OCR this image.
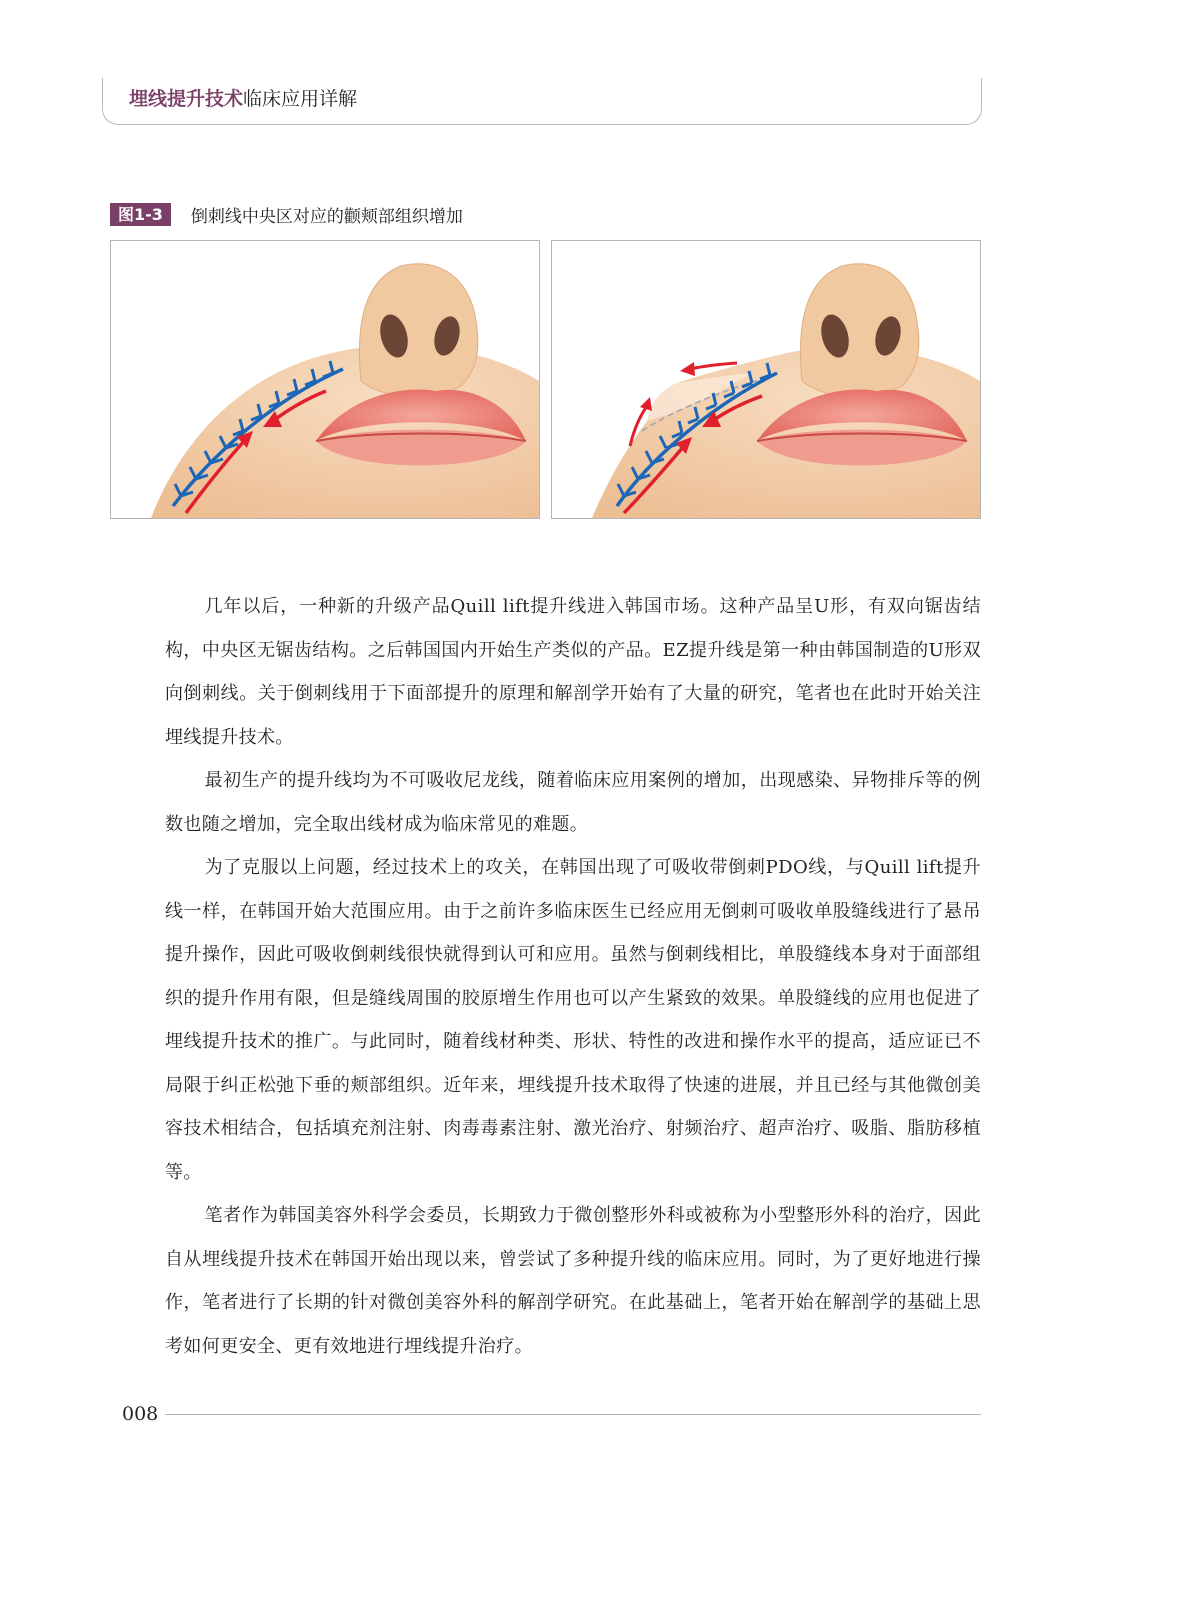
埋线提升技术临床应用详解
图1-3	倒刺线中央区对应的颧颊部组织增加

几年以后，一种新的升级产品Quill lift提升线进入韩国市场。这种产品呈U形，有双向锯齿结构，中央区无锯齿结构。之后韩国国内开始生产类似的产品。EZ提升线是第一种由韩国制造的U形双向倒刺线。关于倒刺线用于下面部提升的原理和解剖学开始有了大量的研究，笔者也在此时开始关注埋线提升技术。

最初生产的提升线均为不可吸收尼龙线，随着临床应用案例的增加，出现感染、异物排斥等的例数也随之增加，完全取出线材成为临床常见的难题。

为了克服以上问题，经过技术上的攻关，在韩国出现了可吸收带倒刺PDO线，与Quill lift提升线一样，在韩国开始大范围应用。由于之前许多临床医生已经应用无倒刺可吸收单股缝线进行了悬吊提升操作，因此可吸收倒刺线很快就得到认可和应用。虽然与倒刺线相比，单股缝线本身对于面部组织的提升作用有限，但是缝线周围的胶原增生作用也可以产生紧致的效果。单股缝线的应用也促进了埋线提升技术的推广。与此同时，随着线材种类、形状、特性的改进和操作水平的提高，适应证已不局限于纠正松弛下垂的颊部组织。近年来，埋线提升技术取得了快速的进展，并且已经与其他微创美容技术相结合，包括填充剂注射、肉毒毒素注射、激光治疗、射频治疗、超声治疗、吸脂、脂肪移植等。

笔者作为韩国美容外科学会委员，长期致力于微创整形外科或被称为小型整形外科的治疗，因此自从埋线提升技术在韩国开始出现以来，曾尝试了多种提升线的临床应用。同时，为了更好地进行操作，笔者进行了长期的针对微创美容外科的解剖学研究。在此基础上，笔者开始在解剖学的基础上思考如何更安全、更有效地进行埋线提升治疗。

008
